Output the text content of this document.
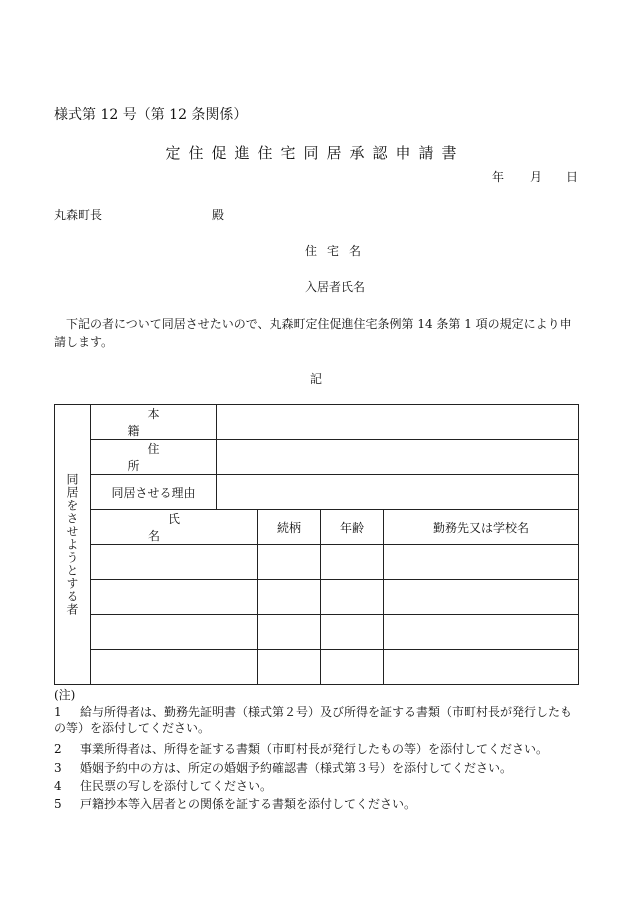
様式第 12 号（第 12 条関係）
定住促進住宅同居承認申請書
年 月 日
丸森町長	殿
住宅名
入居者氏名
下記の者について同居させたいので、丸森町定住促進住宅条例第 14 条第 1 項の規定により申請します。
記
同居をさせようとする者	本 籍				
	住 所				
	同居させる理由				
	氏 名		続柄	年齢	勤務先又は学校名

(注)
1 給与所得者は、勤務先証明書（様式第２号）及び所得を証する書類（市町村長が発行したもの等）を添付してください。
2 事業所得者は、所得を証する書類（市町村長が発行したもの等）を添付してください。
3 婚姻予約中の方は、所定の婚姻予約確認書（様式第３号）を添付してください。
4 住民票の写しを添付してください。
5 戸籍抄本等入居者との関係を証する書類を添付してください。
